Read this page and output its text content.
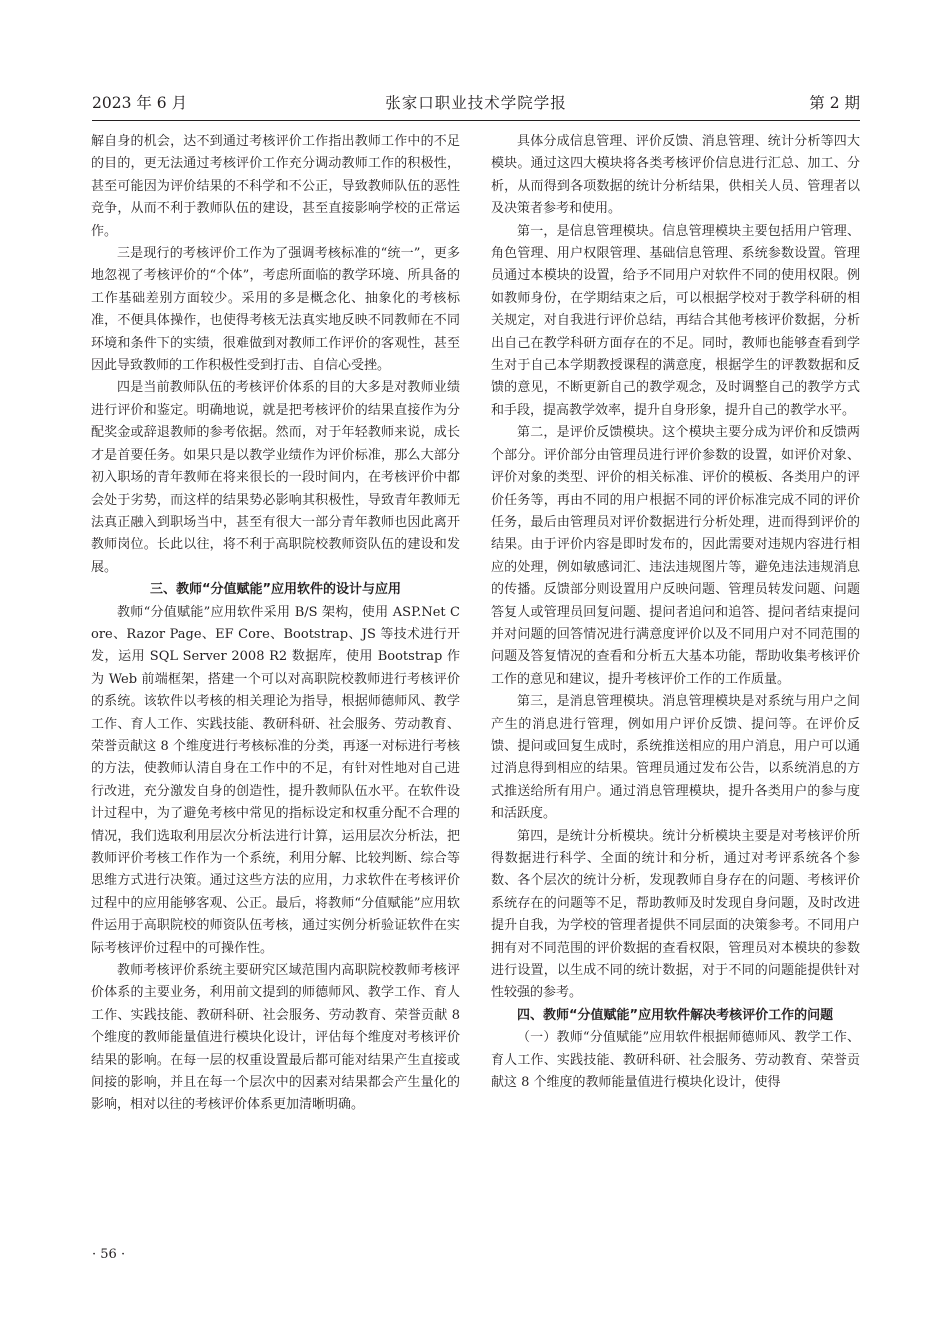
2023 年 6 月	张家口职业技术学院学报	第 2 期

解自身的机会，达不到通过考核评价工作指出教师工作中的不足的目的，更无法通过考核评价工作充分调动教师工作的积极性，甚至可能因为评价结果的不科学和不公正，导致教师队伍的恶性竞争，从而不利于教师队伍的建设，甚至直接影响学校的正常运作。

三是现行的考核评价工作为了强调考核标准的“统一”，更多地忽视了考核评价的“个体”，考虑所面临的教学环境、所具备的工作基础差别方面较少。采用的多是概念化、抽象化的考核标准，不便具体操作，也使得考核无法真实地反映不同教师在不同环境和条件下的实绩，很难做到对教师工作评价的客观性，甚至因此导致教师的工作积极性受到打击、自信心受挫。

四是当前教师队伍的考核评价体系的目的大多是对教师业绩进行评价和鉴定。明确地说，就是把考核评价的结果直接作为分配奖金或辞退教师的参考依据。然而，对于年轻教师来说，成长才是首要任务。如果只是以教学业绩作为评价标准，那么大部分初入职场的青年教师在将来很长的一段时间内，在考核评价中都会处于劣势，而这样的结果势必影响其积极性，导致青年教师无法真正融入到职场当中，甚至有很大一部分青年教师也因此离开教师岗位。长此以往，将不利于高职院校教师资队伍的建设和发展。

三、教师“分值赋能”应用软件的设计与应用

教师“分值赋能”应用软件采用 B/S 架构，使用 ASP.Net Core、Razor Page、EF Core、Bootstrap、JS 等技术进行开发，运用 SQL Server 2008 R2 数据库，使用 Bootstrap 作为 Web 前端框架，搭建一个可以对高职院校教师进行考核评价的系统。该软件以考核的相关理论为指导，根据师德师风、教学工作、育人工作、实践技能、教研科研、社会服务、劳动教育、荣誉贡献这 8 个维度进行考核标准的分类，再逐一对标进行考核的方法，使教师认清自身在工作中的不足，有针对性地对自己进行改进，充分激发自身的创造性，提升教师队伍水平。在软件设计过程中，为了避免考核中常见的指标设定和权重分配不合理的情况，我们选取利用层次分析法进行计算，运用层次分析法，把教师评价考核工作作为一个系统，利用分解、比较判断、综合等思维方式进行决策。通过这些方法的应用，力求软件在考核评价过程中的应用能够客观、公正。最后，将教师“分值赋能”应用软件运用于高职院校的师资队伍考核，通过实例分析验证软件在实际考核评价过程中的可操作性。

教师考核评价系统主要研究区域范围内高职院校教师考核评价体系的主要业务，利用前文提到的师德师风、教学工作、育人工作、实践技能、教研科研、社会服务、劳动教育、荣誉贡献 8 个维度的教师能量值进行模块化设计，评估每个维度对考核评价结果的影响。在每一层的权重设置最后都可能对结果产生直接或间接的影响，并且在每一个层次中的因素对结果都会产生量化的影响，相对以往的考核评价体系更加清晰明确。

具体分成信息管理、评价反馈、消息管理、统计分析等四大模块。通过这四大模块将各类考核评价信息进行汇总、加工、分析，从而得到各项数据的统计分析结果，供相关人员、管理者以及决策者参考和使用。

第一，是信息管理模块。信息管理模块主要包括用户管理、角色管理、用户权限管理、基础信息管理、系统参数设置。管理员通过本模块的设置，给予不同用户对软件不同的使用权限。例如教师身份，在学期结束之后，可以根据学校对于教学科研的相关规定，对自我进行评价总结，再结合其他考核评价数据，分析出自己在教学科研方面存在的不足。同时，教师也能够查看到学生对于自己本学期教授课程的满意度，根据学生的评教数据和反馈的意见，不断更新自己的教学观念，及时调整自己的教学方式和手段，提高教学效率，提升自身形象，提升自己的教学水平。

第二，是评价反馈模块。这个模块主要分成为评价和反馈两个部分。评价部分由管理员进行评价参数的设置，如评价对象、评价对象的类型、评价的相关标准、评价的模板、各类用户的评价任务等，再由不同的用户根据不同的评价标准完成不同的评价任务，最后由管理员对评价数据进行分析处理，进而得到评价的结果。由于评价内容是即时发布的，因此需要对违规内容进行相应的处理，例如敏感词汇、违法违规图片等，避免违法违规消息的传播。反馈部分则设置用户反映问题、管理员转发问题、问题答复人或管理员回复问题、提问者追问和追答、提问者结束提问并对问题的回答情况进行满意度评价以及不同用户对不同范围的问题及答复情况的查看和分析五大基本功能，帮助收集考核评价工作的意见和建议，提升考核评价工作的工作质量。

第三，是消息管理模块。消息管理模块是对系统与用户之间产生的消息进行管理，例如用户评价反馈、提问等。在评价反馈、提问或回复生成时，系统推送相应的用户消息，用户可以通过消息得到相应的结果。管理员通过发布公告，以系统消息的方式推送给所有用户。通过消息管理模块，提升各类用户的参与度和活跃度。

第四，是统计分析模块。统计分析模块主要是对考核评价所得数据进行科学、全面的统计和分析，通过对考评系统各个参数、各个层次的统计分析，发现教师自身存在的问题、考核评价系统存在的问题等不足，帮助教师及时发现自身问题，及时改进提升自我，为学校的管理者提供不同层面的决策参考。不同用户拥有对不同范围的评价数据的查看权限，管理员对本模块的参数进行设置，以生成不同的统计数据，对于不同的问题能提供针对性较强的参考。

四、教师“分值赋能”应用软件解决考核评价工作的问题

（一）教师“分值赋能”应用软件根据师德师风、教学工作、育人工作、实践技能、教研科研、社会服务、劳动教育、荣誉贡献这 8 个维度的教师能量值进行模块化设计，使得

· 56 ·
